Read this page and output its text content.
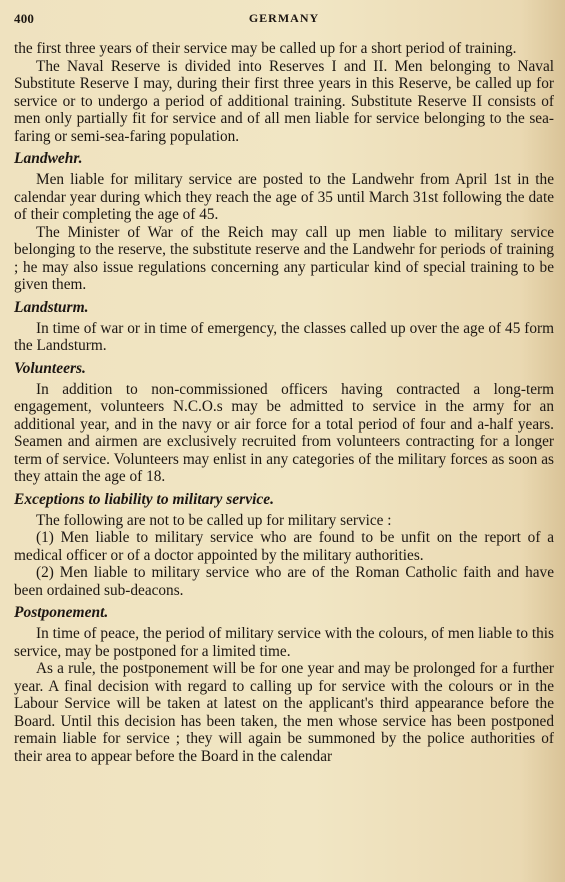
400	GERMANY

the first three years of their service may be called up for a short period of training.

The Naval Reserve is divided into Reserves I and II. Men belonging to Naval Substitute Reserve I may, during their first three years in this Reserve, be called up for service or to undergo a period of additional training. Substitute Reserve II consists of men only partially fit for service and of all men liable for service belonging to the sea-faring or semi-sea-faring population.

Landwehr.

Men liable for military service are posted to the Landwehr from April 1st in the calendar year during which they reach the age of 35 until March 31st following the date of their completing the age of 45.

The Minister of War of the Reich may call up men liable to military service belonging to the reserve, the substitute reserve and the Landwehr for periods of training ; he may also issue regulations concerning any particular kind of special training to be given them.

Landsturm.

In time of war or in time of emergency, the classes called up over the age of 45 form the Landsturm.

Volunteers.

In addition to non-commissioned officers having contracted a long-term engagement, volunteers N.C.O.s may be admitted to service in the army for an additional year, and in the navy or air force for a total period of four and a-half years. Seamen and airmen are exclusively recruited from volunteers contracting for a longer term of service. Volunteers may enlist in any categories of the military forces as soon as they attain the age of 18.

Exceptions to liability to military service.

The following are not to be called up for military service :

(1) Men liable to military service who are found to be unfit on the report of a medical officer or of a doctor appointed by the military authorities.

(2) Men liable to military service who are of the Roman Catholic faith and have been ordained sub-deacons.

Postponement.

In time of peace, the period of military service with the colours, of men liable to this service, may be postponed for a limited time.

As a rule, the postponement will be for one year and may be prolonged for a further year. A final decision with regard to calling up for service with the colours or in the Labour Service will be taken at latest on the applicant's third appearance before the Board. Until this decision has been taken, the men whose service has been postponed remain liable for service ; they will again be summoned by the police authorities of their area to appear before the Board in the calendar
